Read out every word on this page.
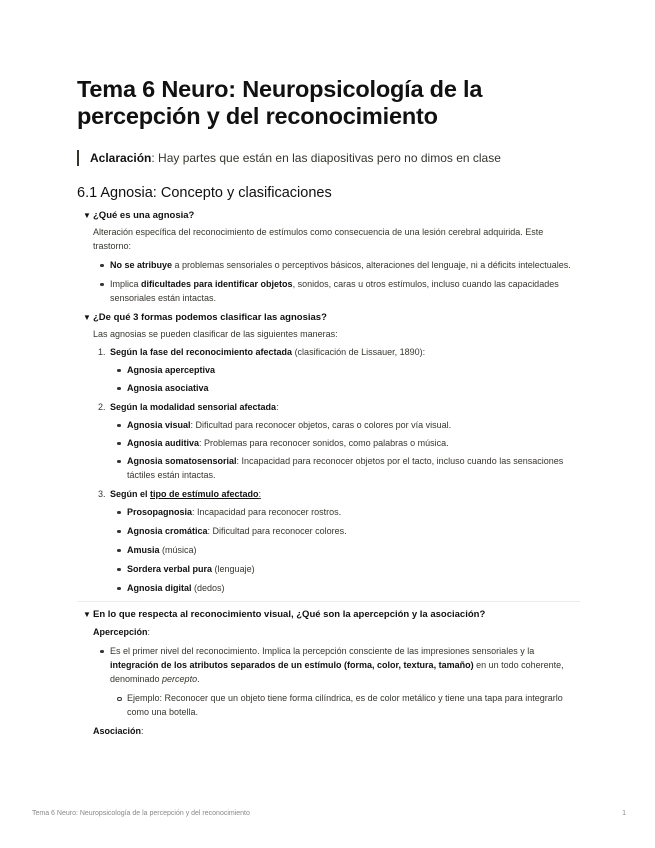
Tema 6 Neuro: Neuropsicología de la
percepción y del reconocimiento
Aclaración: Hay partes que están en las diapositivas pero no dimos en clase
6.1 Agnosia: Concepto y clasificaciones
▼ ¿Qué es una agnosia?

Alteración específica del reconocimiento de estímulos como consecuencia de una lesión cerebral adquirida. Este trastorno:

No se atribuye a problemas sensoriales o perceptivos básicos, alteraciones del lenguaje, ni a déficits intelectuales.
Implica dificultades para identificar objetos, sonidos, caras u otros estímulos, incluso cuando las capacidades sensoriales están intactas.
▼ ¿De qué 3 formas podemos clasificar las agnosias?

Las agnosias se pueden clasificar de las siguientes maneras:

1. Según la fase del reconocimiento afectada (clasificación de Lissauer, 1890):
Agnosia aperceptiva
Agnosia asociativa
2. Según la modalidad sensorial afectada:
Agnosia visual: Dificultad para reconocer objetos, caras o colores por vía visual.
Agnosia auditiva: Problemas para reconocer sonidos, como palabras o música.
Agnosia somatosensorial: Incapacidad para reconocer objetos por el tacto, incluso cuando las sensaciones táctiles están intactas.
3. Según el tipo de estímulo afectado:
Prosopagnosia: Incapacidad para reconocer rostros.
Agnosia cromática: Dificultad para reconocer colores.
Amusia (música)
Sordera verbal pura (lenguaje)
Agnosia digital (dedos)
▼ En lo que respecta al reconocimiento visual, ¿Qué son la apercepción y la asociación?

Apercepción:

Es el primer nivel del reconocimiento. Implica la percepción consciente de las impresiones sensoriales y la integración de los atributos separados de un estímulo (forma, color, textura, tamaño) en un todo coherente, denominado percepto.
Ejemplo: Reconocer que un objeto tiene forma cilíndrica, es de color metálico y tiene una tapa para integrarlo como una botella.

Asociación:

Tema 6 Neuro: Neuropsicología de la percepción y del reconocimiento	1
